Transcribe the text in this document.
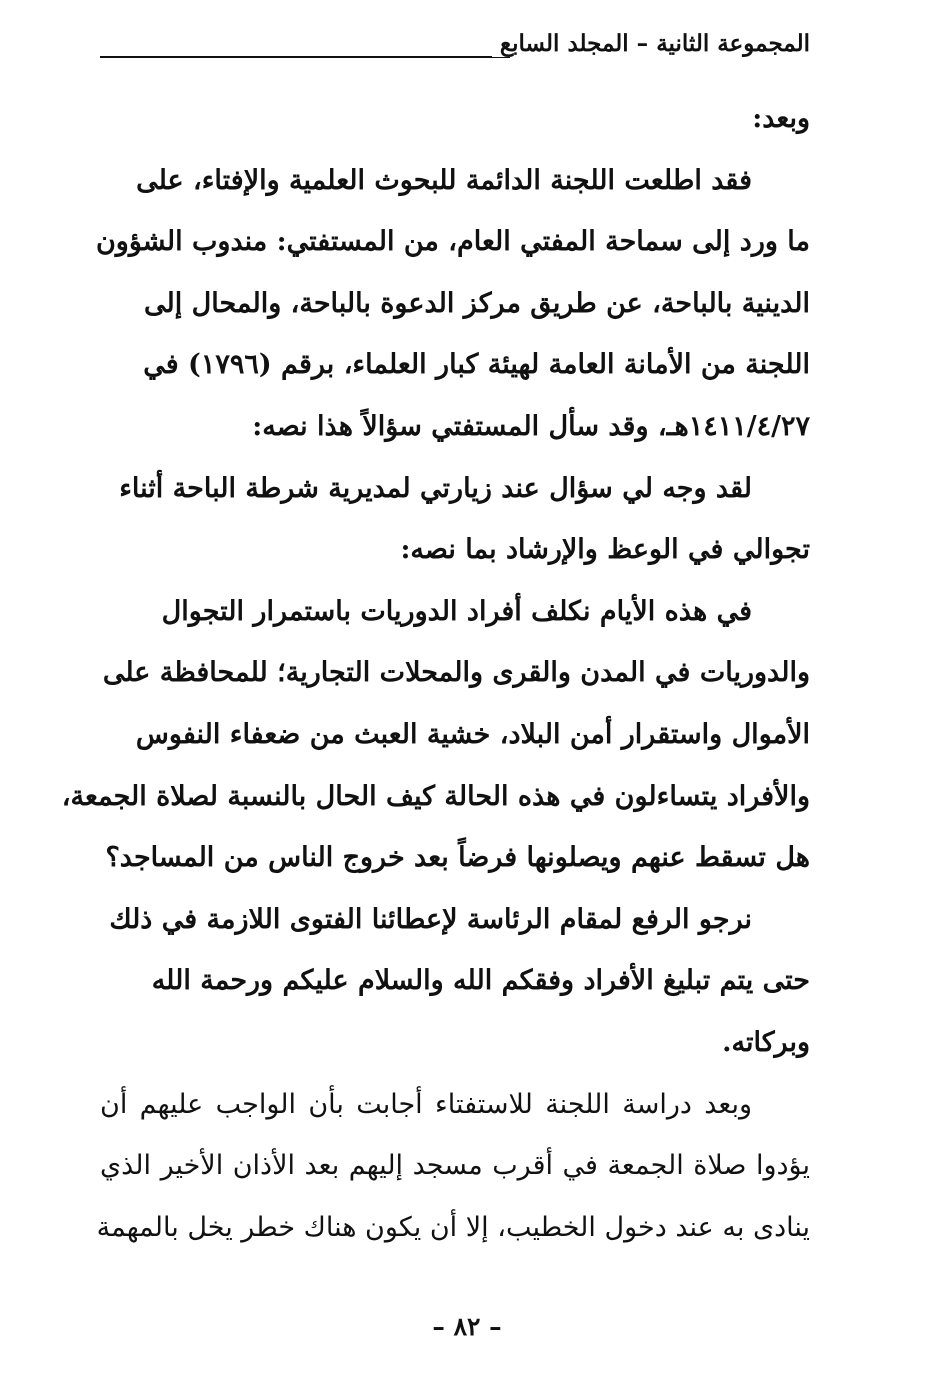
المجموعة الثانية – المجلد السابع
وبعد:
فقد اطلعت اللجنة الدائمة للبحوث العلمية والإفتاء، على
ما ورد إلى سماحة المفتي العام، من المستفتي: مندوب الشؤون
الدينية بالباحة، عن طريق مركز الدعوة بالباحة، والمحال إلى
اللجنة من الأمانة العامة لهيئة كبار العلماء، برقم (١٧٩٦) في
١٤١١/٤/٢٧هـ، وقد سأل المستفتي سؤالاً هذا نصه:
لقد وجه لي سؤال عند زيارتي لمديرية شرطة الباحة أثناء
تجوالي في الوعظ والإرشاد بما نصه:
في هذه الأيام نكلف أفراد الدوريات باستمرار التجوال
والدوريات في المدن والقرى والمحلات التجارية؛ للمحافظة على
الأموال واستقرار أمن البلاد، خشية العبث من ضعفاء النفوس
والأفراد يتساءلون في هذه الحالة كيف الحال بالنسبة لصلاة الجمعة،
هل تسقط عنهم ويصلونها فرضاً بعد خروج الناس من المساجد؟
نرجو الرفع لمقام الرئاسة لإعطائنا الفتوى اللازمة في ذلك
حتى يتم تبليغ الأفراد وفقكم الله والسلام عليكم ورحمة الله
وبركاته.
وبعد دراسة اللجنة للاستفتاء أجابت بأن الواجب عليهم أن
يؤدوا صلاة الجمعة في أقرب مسجد إليهم بعد الأذان الأخير الذي
ينادى به عند دخول الخطيب، إلا أن يكون هناك خطر يخل بالمهمة
– ٨٢ –
